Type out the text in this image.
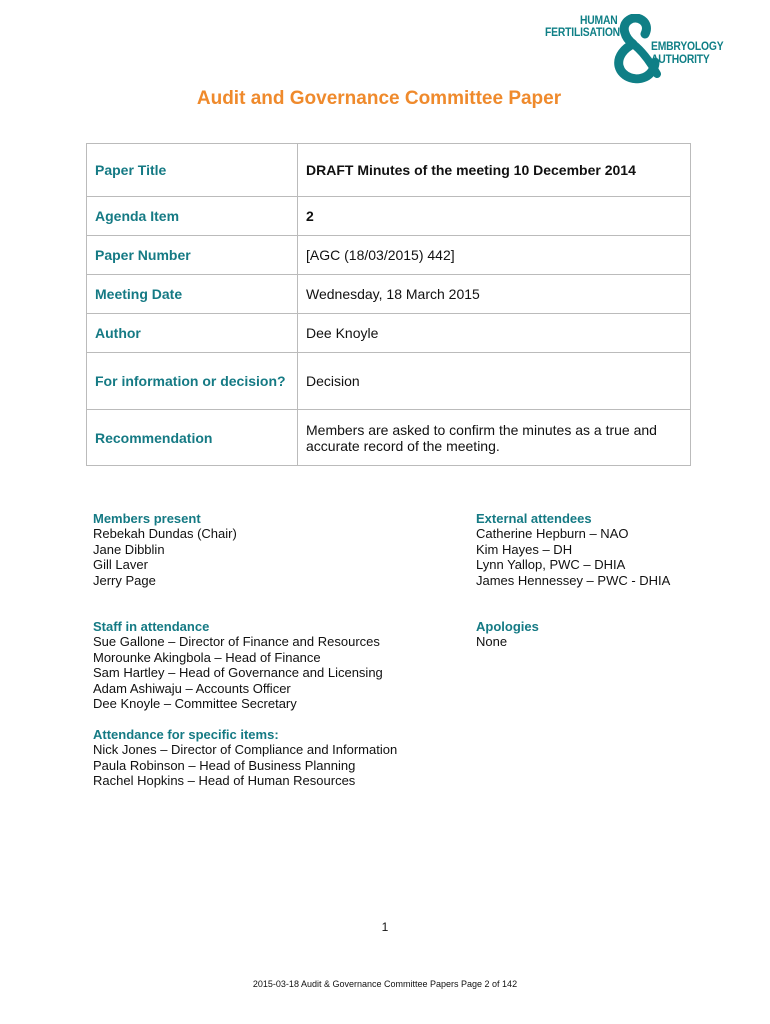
HUMAN
FERTILISATION
EMBRYOLOGY
AUTHORITY
Audit and Governance Committee Paper
Paper Title	DRAFT Minutes of the meeting 10 December 2014
Agenda Item	2
Paper Number	[AGC (18/03/2015) 442]
Meeting Date	Wednesday, 18 March 2015
Author	Dee Knoyle
For information or decision?	Decision
Recommendation	Members are asked to confirm the minutes as a true and accurate record of the meeting.
Members present
Rebekah Dundas (Chair)
Jane Dibblin
Gill Laver
Jerry Page
External attendees
Catherine Hepburn – NAO
Kim Hayes – DH
Lynn Yallop, PWC – DHIA
James Hennessey – PWC - DHIA
Staff in attendance
Sue Gallone – Director of Finance and Resources
Morounke Akingbola – Head of Finance
Sam Hartley – Head of Governance and Licensing
Adam Ashiwaju – Accounts Officer
Dee Knoyle – Committee Secretary
Apologies
None
Attendance for specific items:
Nick Jones – Director of Compliance and Information
Paula Robinson – Head of Business Planning
Rachel Hopkins – Head of Human Resources
1
2015-03-18 Audit & Governance Committee Papers Page 2 of 142
